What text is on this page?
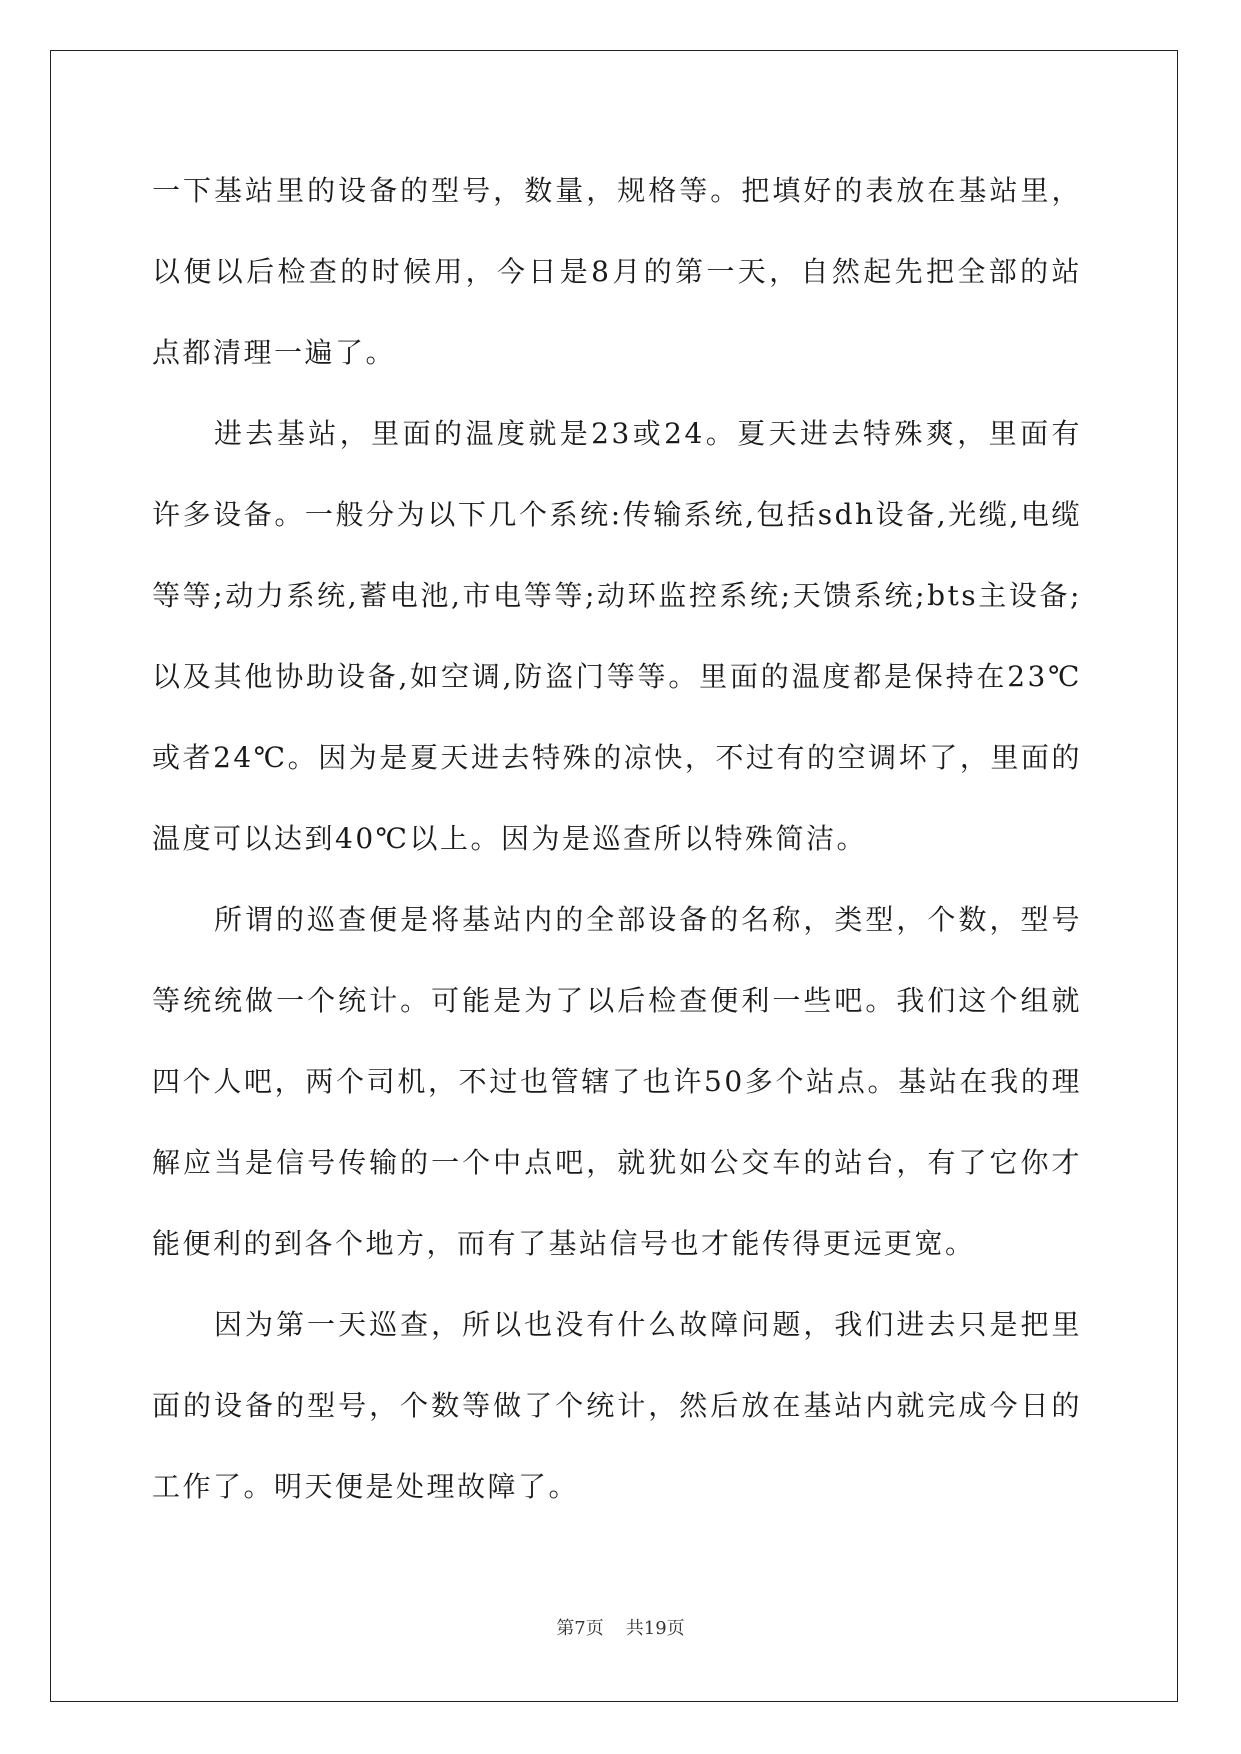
一下基站里的设备的型号，数量，规格等。把填好的表放在基站里，以便以后检查的时候用，今日是8月的第一天，自然起先把全部的站点都清理一遍了。

进去基站，里面的温度就是23或24。夏天进去特殊爽，里面有许多设备。一般分为以下几个系统:传输系统,包括sdh设备,光缆,电缆等等;动力系统,蓄电池,市电等等;动环监控系统;天馈系统;bts主设备;以及其他协助设备,如空调,防盗门等等。里面的温度都是保持在23℃或者24℃。因为是夏天进去特殊的凉快，不过有的空调坏了，里面的温度可以达到40℃以上。因为是巡查所以特殊简洁。

所谓的巡查便是将基站内的全部设备的名称，类型，个数，型号等统统做一个统计。可能是为了以后检查便利一些吧。我们这个组就四个人吧，两个司机，不过也管辖了也许50多个站点。基站在我的理解应当是信号传输的一个中点吧，就犹如公交车的站台，有了它你才能便利的到各个地方，而有了基站信号也才能传得更远更宽。

因为第一天巡查，所以也没有什么故障问题，我们进去只是把里面的设备的型号，个数等做了个统计，然后放在基站内就完成今日的工作了。明天便是处理故障了。

第7页 共19页
